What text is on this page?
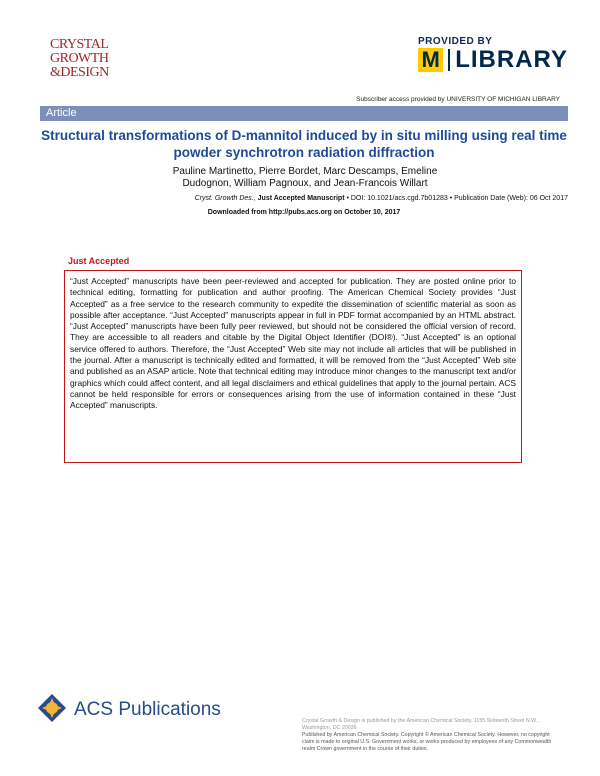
CRYSTAL
GROWTH
&DESIGN
PROVIDED BY
M LIBRARY
Subscriber access provided by UNIVERSITY OF MICHIGAN LIBRARY
Article
Structural transformations of D-mannitol induced by in situ milling using real time powder synchrotron radiation diffraction
Pauline Martinetto, Pierre Bordet, Marc Descamps, Emeline Dudognon, William Pagnoux, and Jean-Francois Willart
Cryst. Growth Des., Just Accepted Manuscript • DOI: 10.1021/acs.cgd.7b01283 • Publication Date (Web): 06 Oct 2017
Downloaded from http://pubs.acs.org on October 10, 2017
Just Accepted

“Just Accepted” manuscripts have been peer-reviewed and accepted for publication. They are posted online prior to technical editing, formatting for publication and author proofing. The American Chemical Society provides “Just Accepted” as a free service to the research community to expedite the dissemination of scientific material as soon as possible after acceptance. “Just Accepted” manuscripts appear in full in PDF format accompanied by an HTML abstract. “Just Accepted” manuscripts have been fully peer reviewed, but should not be considered the official version of record. They are accessible to all readers and citable by the Digital Object Identifier (DOI®). “Just Accepted” is an optional service offered to authors. Therefore, the “Just Accepted” Web site may not include all articles that will be published in the journal. After a manuscript is technically edited and formatted, it will be removed from the “Just Accepted” Web site and published as an ASAP article. Note that technical editing may introduce minor changes to the manuscript text and/or graphics which could affect content, and all legal disclaimers and ethical guidelines that apply to the journal pertain. ACS cannot be held responsible for errors or consequences arising from the use of information contained in these “Just Accepted” manuscripts.

ACS Publications
Crystal Growth & Design is published by the American Chemical Society. 1155 Sixteenth Street N.W., Washington, DC 20036
Published by American Chemical Society. Copyright © American Chemical Society. However, no copyright claim is made to original U.S. Government works, or works produced by employees of any Commonwealth realm Crown government in the course of their duties.
